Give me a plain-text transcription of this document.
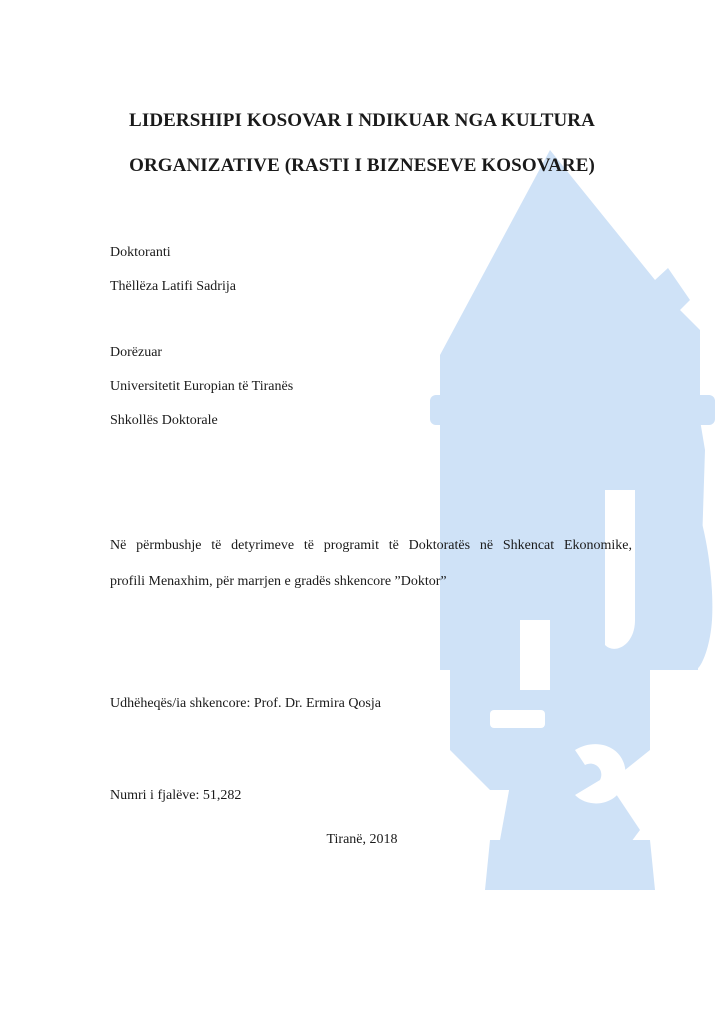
LIDERSHIPI KOSOVAR I NDIKUAR NGA KULTURA
ORGANIZATIVE (RASTI I BIZNESEVE KOSOVARE)
Doktoranti
Thëllëza Latifi Sadrija
Dorëzuar
Universitetit Europian të Tiranës
Shkollës Doktorale
Në përmbushje të detyrimeve të programit të Doktoratës në Shkencat Ekonomike,
profili Menaxhim, për marrjen e gradës shkencore ”Doktor”
Udhëheqës/ia shkencore: Prof. Dr. Ermira Qosja
Numri i fjalëve: 51,282
Tiranë, 2018
